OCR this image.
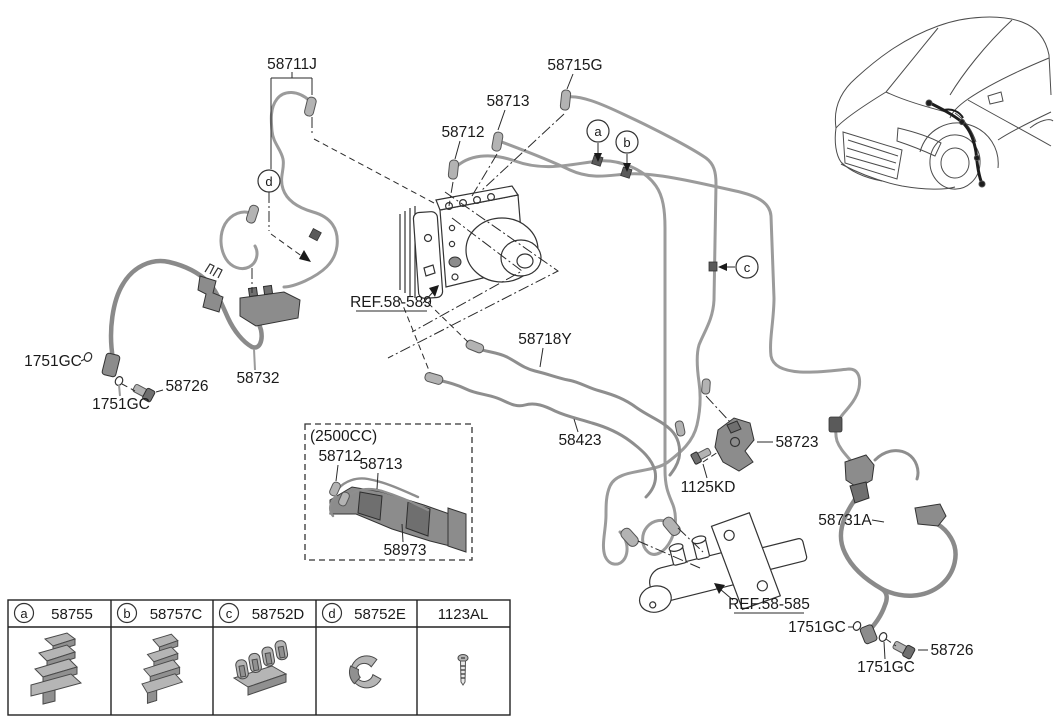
a
b
c
d
58711J	58715G
58713
58712
REF.58-589
1751GC
58726 58732
1751GC
58718Y
58423	58723
1125KD
58731A
REF.58-585
1751GC
58726
1751GC
(2500CC)
58712
58713
58973
a 58755 b 58757C c 58752D d 58752E 1123AL
